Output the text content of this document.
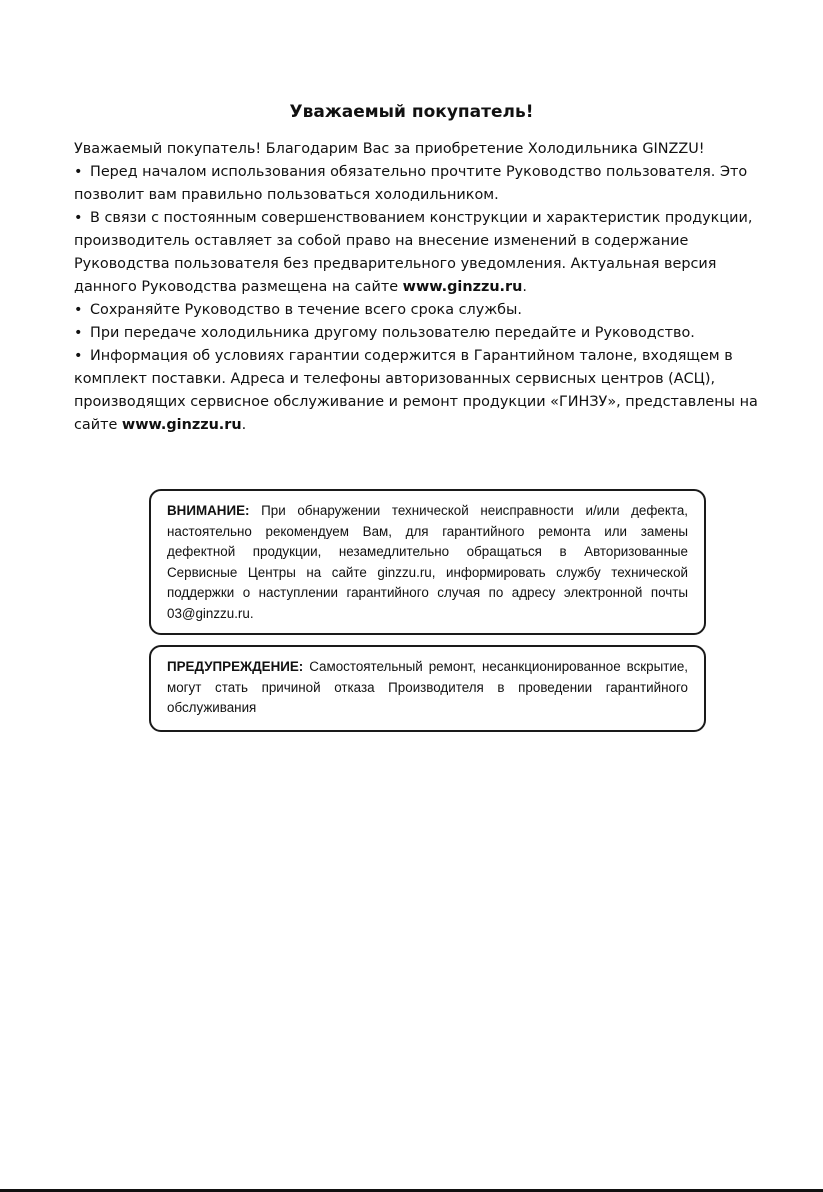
Уважаемый покупатель!

Уважаемый покупатель! Благодарим Вас за приобретение Холодильника GINZZU!

• Перед началом использования обязательно прочтите Руководство пользователя. Это позволит вам правильно пользоваться холодильником.

• В связи с постоянным совершенствованием конструкции и характеристик продукции, производитель оставляет за собой право на внесение изменений в содержание Руководства пользователя без предварительного уведомления. Актуальная версия данного Руководства размещена на сайте www.ginzzu.ru.

• Сохраняйте Руководство в течение всего срока службы.

• При передаче холодильника другому пользователю передайте и Руководство.

• Информация об условиях гарантии содержится в Гарантийном талоне, входящем в комплект поставки. Адреса и телефоны авторизованных сервисных центров (АСЦ), производящих сервисное обслуживание и ремонт продукции «ГИНЗУ», представлены на сайте www.ginzzu.ru.

ВНИМАНИЕ: При обнаружении технической неисправности и/или дефекта, настоятельно рекомендуем Вам, для гарантийного ремонта или замены дефектной продукции, незамедлительно обращаться в Авторизованные Сервисные Центры на сайте ginzzu.ru, информировать службу технической поддержки о наступлении гарантийного случая по адресу электронной почты 03@ginzzu.ru.
ПРЕДУПРЕЖДЕНИЕ: Самостоятельный ремонт, несанкционированное вскрытие, могут стать причиной отказа Производителя в проведении гарантийного обслуживания
